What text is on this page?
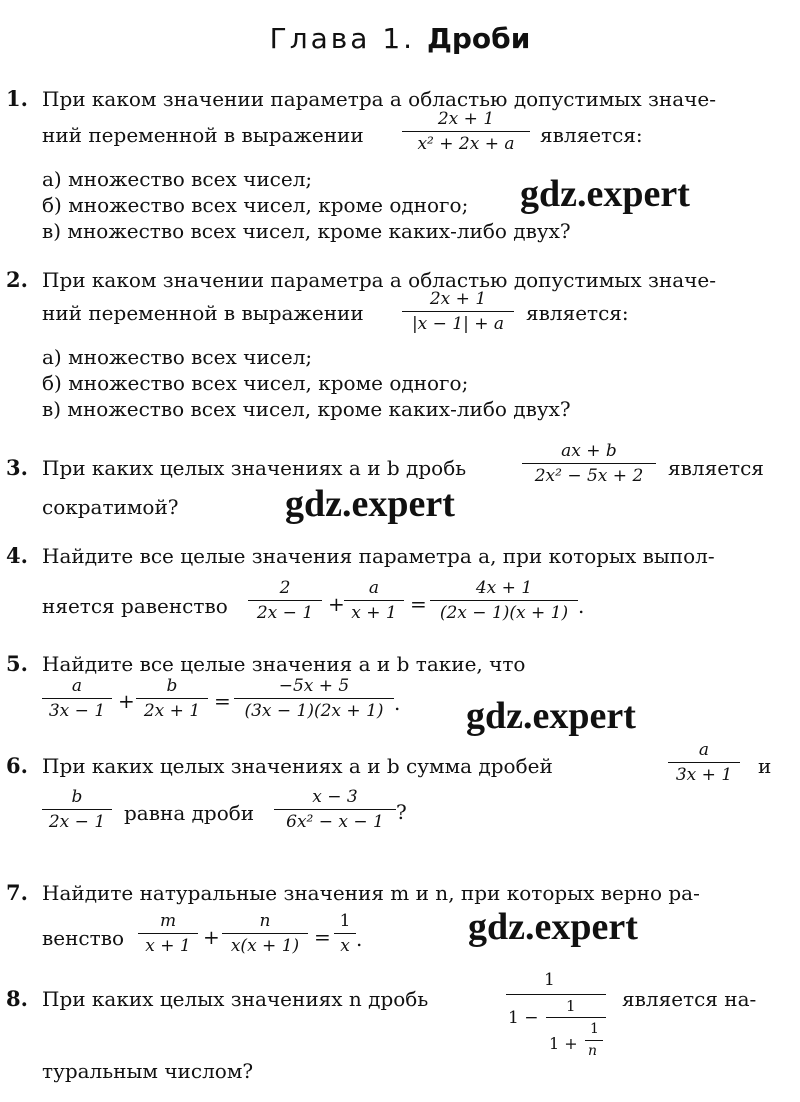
Глава 1. Дроби
1. При каком значении параметра a областью допустимых значе-
ний переменной в выражении $\frac{2x + 1}{\text{x² + 2x + a}}$ является:
а) множество всех чисел;
б) множество всех чисел, кроме одного;
в) множество всех чисел, кроме каких-либо двух?
gdz.expert
2. При каком значении параметра a областью допустимых значе-
ний переменной в выражении $\frac{2x + 1}{|x - 1| + a}$ является:
а) множество всех чисел;
б) множество всех чисел, кроме одного;
в) множество всех чисел, кроме каких-либо двух?
3. При каких целых значениях a и b дробь	$\frac{ax + b}{\text{2x² − 5x + 2}}$ является
сократимой?	gdz.expert
4. Найдите все целые значения параметра a, при которых выпол-
няется равенство $\frac{2}{2x - 1} + \frac{a}{x + 1} = \frac{4x + 1}{(2x - 1)(x + 1)}$ .
5. Найдите все целые значения a и b такие, что
$\frac{a}{3x - 1} + \frac{b}{2x + 1} = \frac{-5x + 5}{(3x - 1)(2x + 1)}$ . gdz.expert
6. При каких целых значениях a и b сумма дробей	$\frac{a}{3x + 1}$ и
$\frac{b}{2x - 1}$ равна дроби $\frac{x - 3}{\text{6x² − x − 1}}$ ?
7. Найдите натуральные значения m и n, при которых верно ра-
венство $\frac{m}{x + 1} + \frac{n}{x(x + 1)} = \frac{1}{x}$ .	gdz.expert
8. При каких целых значениях n дробь	является на-
туральным числом?
1
1 −
1
1 +
1
n
